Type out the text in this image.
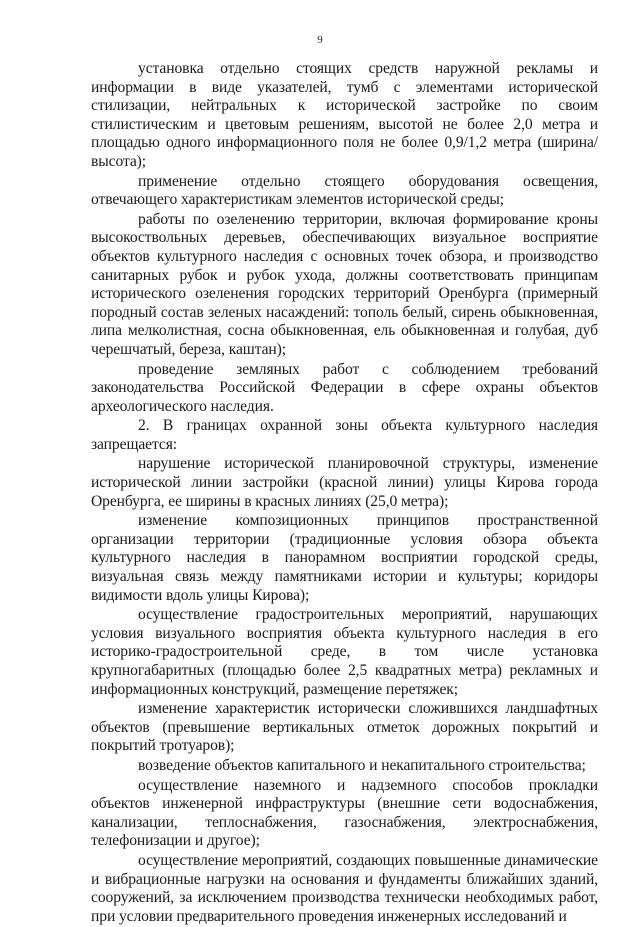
9

установка отдельно стоящих средств наружной рекламы и информации в виде указателей, тумб с элементами исторической стилизации, нейтральных к исторической застройке по своим стилистическим и цветовым решениям, высотой не более 2,0 метра и площадью одного информационного поля не более 0,9/1,2 метра (ширина/высота);

применение отдельно стоящего оборудования освещения, отвечающего характеристикам элементов исторической среды;

работы по озеленению территории, включая формирование кроны высокоствольных деревьев, обеспечивающих визуальное восприятие объектов культурного наследия с основных точек обзора, и производство санитарных рубок и рубок ухода, должны соответствовать принципам исторического озеленения городских территорий Оренбурга (примерный породный состав зеленых насаждений: тополь белый, сирень обыкновенная, липа мелколистная, сосна обыкновенная, ель обыкновенная и голубая, дуб черешчатый, береза, каштан);

проведение земляных работ с соблюдением требований законодательства Российской Федерации в сфере охраны объектов археологического наследия.

2. В границах охранной зоны объекта культурного наследия запрещается:

нарушение исторической планировочной структуры, изменение исторической линии застройки (красной линии) улицы Кирова города Оренбурга, ее ширины в красных линиях (25,0 метра);

изменение композиционных принципов пространственной организации территории (традиционные условия обзора объекта культурного наследия в панорамном восприятии городской среды, визуальная связь между памятниками истории и культуры; коридоры видимости вдоль улицы Кирова);

осуществление градостроительных мероприятий, нарушающих условия визуального восприятия объекта культурного наследия в его историко-градостроительной среде, в том числе установка крупногабаритных (площадью более 2,5 квадратных метра) рекламных и информационных конструкций, размещение перетяжек;

изменение характеристик исторически сложившихся ландшафтных объектов (превышение вертикальных отметок дорожных покрытий и покрытий тротуаров);

возведение объектов капитального и некапитального строительства;

осуществление наземного и надземного способов прокладки объектов инженерной инфраструктуры (внешние сети водоснабжения, канализации, теплоснабжения, газоснабжения, электроснабжения, телефонизации и другое);

осуществление мероприятий, создающих повышенные динамические и вибрационные нагрузки на основания и фундаменты ближайших зданий, сооружений, за исключением производства технически необходимых работ, при условии предварительного проведения инженерных исследований и
